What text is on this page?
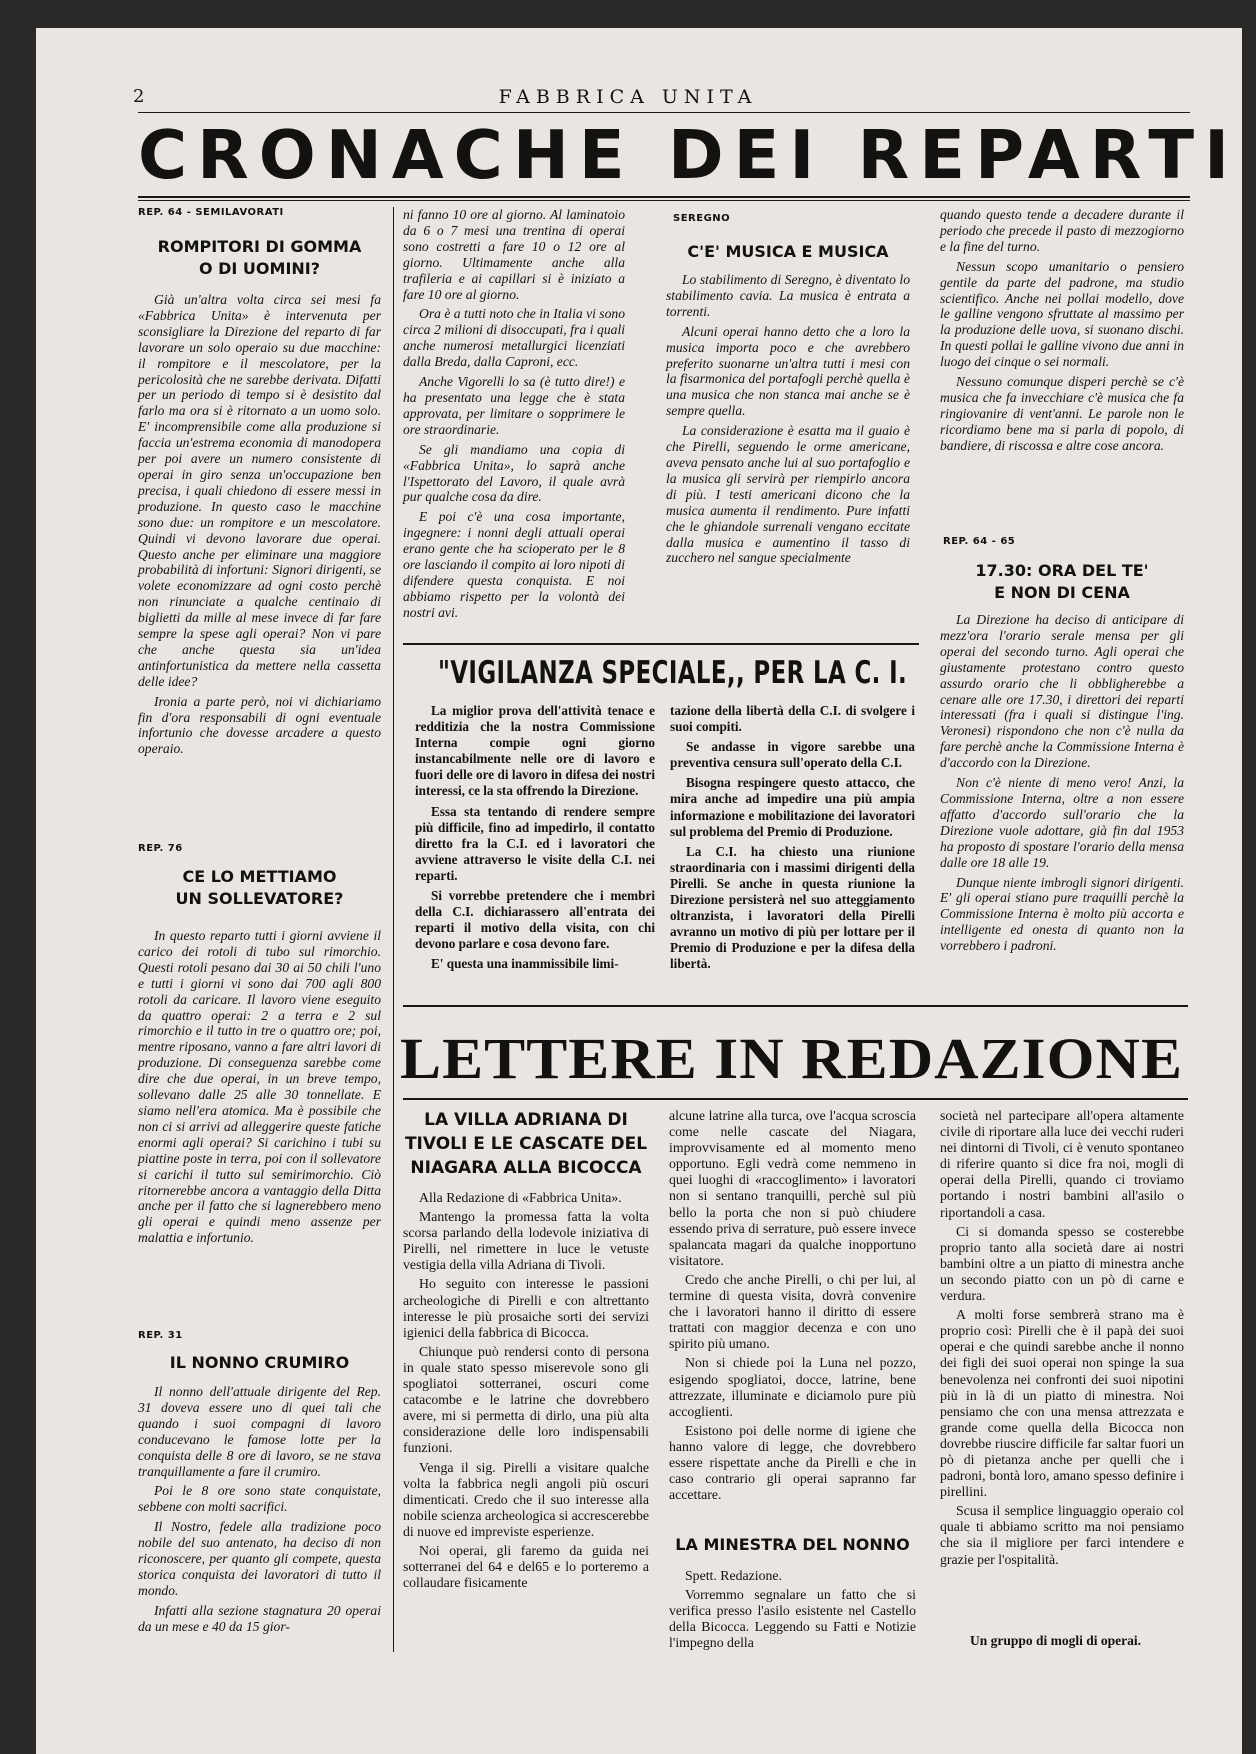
2	FABBRICA UNITA
CRONACHE DEI REPARTI
REP. 64 - SEMILAVORATI
ROMPITORI DI GOMMA
O DI UOMINI?

Già un'altra volta circa sei mesi fa «Fabbrica Unita» è intervenuta per sconsigliare la Direzione del reparto di far lavorare un solo operaio su due macchine: il rompitore e il mescolatore, per la pericolosità che ne sarebbe derivata. Difatti per un periodo di tempo si è desistito dal farlo ma ora si è ritornato a un uomo solo. E' incomprensibile come alla produzione si faccia un'estrema economia di manodopera per poi avere un numero consistente di operai in giro senza un'occupazione ben precisa, i quali chiedono di essere messi in produzione. In questo caso le macchine sono due: un rompitore e un mescolatore. Quindi vi devono lavorare due operai. Questo anche per eliminare una maggiore probabilità di infortuni: Signori dirigenti, se volete economizzare ad ogni costo perchè non rinunciate a qualche centinaio di biglietti da mille al mese invece di far fare sempre la spese agli operai? Non vi pare che anche questa sia un'idea antinfortunistica da mettere nella cassetta delle idee?

Ironia a parte però, noi vi dichiariamo fin d'ora responsabili di ogni eventuale infortunio che dovesse arcadere a questo operaio.

REP. 76
CE LO METTIAMO
UN SOLLEVATORE?

In questo reparto tutti i giorni avviene il carico dei rotoli di tubo sul rimorchio. Questi rotoli pesano dai 30 ai 50 chili l'uno e tutti i giorni vi sono dai 700 agli 800 rotoli da caricare. Il lavoro viene eseguito da quattro operai: 2 a terra e 2 sul rimorchio e il tutto in tre o quattro ore; poi, mentre riposano, vanno a fare altri lavori di produzione. Di conseguenza sarebbe come dire che due operai, in un breve tempo, sollevano dalle 25 alle 30 tonnellate. E siamo nell'era atomica. Ma è possibile che non ci si arrivi ad alleggerire queste fatiche enormi agli operai? Si carichino i tubi su piattine poste in terra, poi con il sollevatore si carichi il tutto sul semirimorchio. Ciò ritornerebbe ancora a vantaggio della Ditta anche per il fatto che si lagnerebbero meno gli operai e quindi meno assenze per malattia e infortunio.

REP. 31
IL NONNO CRUMIRO

Il nonno dell'attuale dirigente del Rep. 31 doveva essere uno di quei tali che quando i suoi compagni di lavoro conducevano le famose lotte per la conquista delle 8 ore di lavoro, se ne stava tranquillamente a fare il crumiro.

Poi le 8 ore sono state conquistate, sebbene con molti sacrifici.

Il Nostro, fedele alla tradizione poco nobile del suo antenato, ha deciso di non riconoscere, per quanto gli compete, questa storica conquista dei lavoratori di tutto il mondo.

Infatti alla sezione stagnatura 20 operai da un mese e 40 da 15 gior-

ni fanno 10 ore al giorno. Al laminatoio da 6 o 7 mesi una trentina di operai sono costretti a fare 10 o 12 ore al giorno. Ultimamente anche alla trafileria e ai capillari si è iniziato a fare 10 ore al giorno.

Ora è a tutti noto che in Italia vi sono circa 2 milioni di disoccupati, fra i quali anche numerosi metallurgici licenziati dalla Breda, dalla Caproni, ecc.

Anche Vigorelli lo sa (è tutto dire!) e ha presentato una legge che è stata approvata, per limitare o sopprimere le ore straordinarie.

Se gli mandiamo una copia di «Fabbrica Unita», lo saprà anche l'Ispettorato del Lavoro, il quale avrà pur qualche cosa da dire.

E poi c'è una cosa importante, ingegnere: i nonni degli attuali operai erano gente che ha scioperato per le 8 ore lasciando il compito ai loro nipoti di difendere questa conquista. E noi abbiamo rispetto per la volontà dei nostri avi.

SEREGNO
C'E' MUSICA E MUSICA

Lo stabilimento di Seregno, è diventato lo stabilimento cavia. La musica è entrata a torrenti.

Alcuni operai hanno detto che a loro la musica importa poco e che avrebbero preferito suonarne un'altra tutti i mesi con la fisarmonica del portafogli perchè quella è una musica che non stanca mai anche se è sempre quella.

La considerazione è esatta ma il guaio è che Pirelli, seguendo le orme americane, aveva pensato anche lui al suo portafoglio e la musica gli servirà per riempirlo ancora di più. I testi americani dicono che la musica aumenta il rendimento. Pure infatti che le ghiandole surrenali vengano eccitate dalla musica e aumentino il tasso di zucchero nel sangue specialmente

quando questo tende a decadere durante il periodo che precede il pasto di mezzogiorno e la fine del turno.

Nessun scopo umanitario o pensiero gentile da parte del padrone, ma studio scientifico. Anche nei pollai modello, dove le galline vengono sfruttate al massimo per la produzione delle uova, si suonano dischi. In questi pollai le galline vivono due anni in luogo dei cinque o sei normali.

Nessuno comunque disperi perchè se c'è musica che fa invecchiare c'è musica che fa ringiovanire di vent'anni. Le parole non le ricordiamo bene ma si parla di popolo, di bandiere, di riscossa e altre cose ancora.

REP. 64 - 65
17.30: ORA DEL TE'
E NON DI CENA

La Direzione ha deciso di anticipare di mezz'ora l'orario serale mensa per gli operai del secondo turno. Agli operai che giustamente protestano contro questo assurdo orario che li obbligherebbe a cenare alle ore 17.30, i direttori dei reparti interessati (fra i quali si distingue l'ing. Veronesi) rispondono che non c'è nulla da fare perchè anche la Commissione Interna è d'accordo con la Direzione.

Non c'è niente di meno vero! Anzi, la Commissione Interna, oltre a non essere affatto d'accordo sull'orario che la Direzione vuole adottare, già fin dal 1953 ha proposto di spostare l'orario della mensa dalle ore 18 alle 19.

Dunque niente imbrogli signori dirigenti. E' gli operai stiano pure traquilli perchè la Commissione Interna è molto più accorta e intelligente ed onesta di quanto non la vorrebbero i padroni.

"VIGILANZA SPECIALE,, PER LA C. I.

La miglior prova dell'attività tenace e redditizia che la nostra Commissione Interna compie ogni giorno instancabilmente nelle ore di lavoro e fuori delle ore di lavoro in difesa dei nostri interessi, ce la sta offrendo la Direzione.

Essa sta tentando di rendere sempre più difficile, fino ad impedirlo, il contatto diretto fra la C.I. ed i lavoratori che avviene attraverso le visite della C.I. nei reparti.

Si vorrebbe pretendere che i membri della C.I. dichiarassero all'entrata dei reparti il motivo della visita, con chi devono parlare e cosa devono fare.

E' questa una inammissibile limi-

tazione della libertà della C.I. di svolgere i suoi compiti.

Se andasse in vigore sarebbe una preventiva censura sull'operato della C.I.

Bisogna respingere questo attacco, che mira anche ad impedire una più ampia informazione e mobilitazione dei lavoratori sul problema del Premio di Produzione.

La C.I. ha chiesto una riunione straordinaria con i massimi dirigenti della Pirelli. Se anche in questa riunione la Direzione persisterà nel suo atteggiamento oltranzista, i lavoratori della Pirelli avranno un motivo di più per lottare per il Premio di Produzione e per la difesa della libertà.

LETTERE IN REDAZIONE
LA VILLA ADRIANA DI TIVOLI E LE CASCATE DEL NIAGARA ALLA BICOCCA

Alla Redazione di «Fabbrica Unita».

Mantengo la promessa fatta la volta scorsa parlando della lodevole iniziativa di Pirelli, nel rimettere in luce le vetuste vestigia della villa Adriana di Tivoli.

Ho seguito con interesse le passioni archeologiche di Pirelli e con altrettanto interesse le più prosaiche sorti dei servizi igienici della fabbrica di Bicocca.

Chiunque può rendersi conto di persona in quale stato spesso miserevole sono gli spogliatoi sotterranei, oscuri come catacombe e le latrine che dovrebbero avere, mi si permetta di dirlo, una più alta considerazione delle loro indispensabili funzioni.

Venga il sig. Pirelli a visitare qualche volta la fabbrica negli angoli più oscuri dimenticati. Credo che il suo interesse alla nobile scienza archeologica si accrescerebbe di nuove ed impreviste esperienze.

Noi operai, gli faremo da guida nei sotterranei del 64 e del65 e lo porteremo a collaudare fisicamente

alcune latrine alla turca, ove l'acqua scroscia come nelle cascate del Niagara, improvvisamente ed al momento meno opportuno. Egli vedrà come nemmeno in quei luoghi di «raccoglimento» i lavoratori non si sentano tranquilli, perchè sul più bello la porta che non si può chiudere essendo priva di serrature, può essere invece spalancata magari da qualche inopportuno visitatore.

Credo che anche Pirelli, o chi per lui, al termine di questa visita, dovrà convenire che i lavoratori hanno il diritto di essere trattati con maggior decenza e con uno spirito più umano.

Non si chiede poi la Luna nel pozzo, esigendo spogliatoi, docce, latrine, bene attrezzate, illuminate e diciamolo pure più accoglienti.

Esistono poi delle norme di igiene che hanno valore di legge, che dovrebbero essere rispettate anche da Pirelli e che in caso contrario gli operai sapranno far accettare.

LA MINESTRA DEL NONNO

Spett. Redazione.

Vorremmo segnalare un fatto che si verifica presso l'asilo esistente nel Castello della Bicocca. Leggendo su Fatti e Notizie l'impegno della

società nel partecipare all'opera altamente civile di riportare alla luce dei vecchi ruderi nei dintorni di Tivoli, ci è venuto spontaneo di riferire quanto si dice fra noi, mogli di operai della Pirelli, quando ci troviamo portando i nostri bambini all'asilo o riportandoli a casa.

Ci si domanda spesso se costerebbe proprio tanto alla società dare ai nostri bambini oltre a un piatto di minestra anche un secondo piatto con un pò di carne e verdura.

A molti forse sembrerà strano ma è proprio così: Pirelli che è il papà dei suoi operai e che quindi sarebbe anche il nonno dei figli dei suoi operai non spinge la sua benevolenza nei confronti dei suoi nipotini più in là di un piatto di minestra. Noi pensiamo che con una mensa attrezzata e grande come quella della Bicocca non dovrebbe riuscire difficile far saltar fuori un pò di pietanza anche per quelli che i padroni, bontà loro, amano spesso definire i pirellini.

Scusa il semplice linguaggio operaio col quale ti abbiamo scritto ma noi pensiamo che sia il migliore per farci intendere e grazie per l'ospitalità.

Un gruppo di mogli di operai.
